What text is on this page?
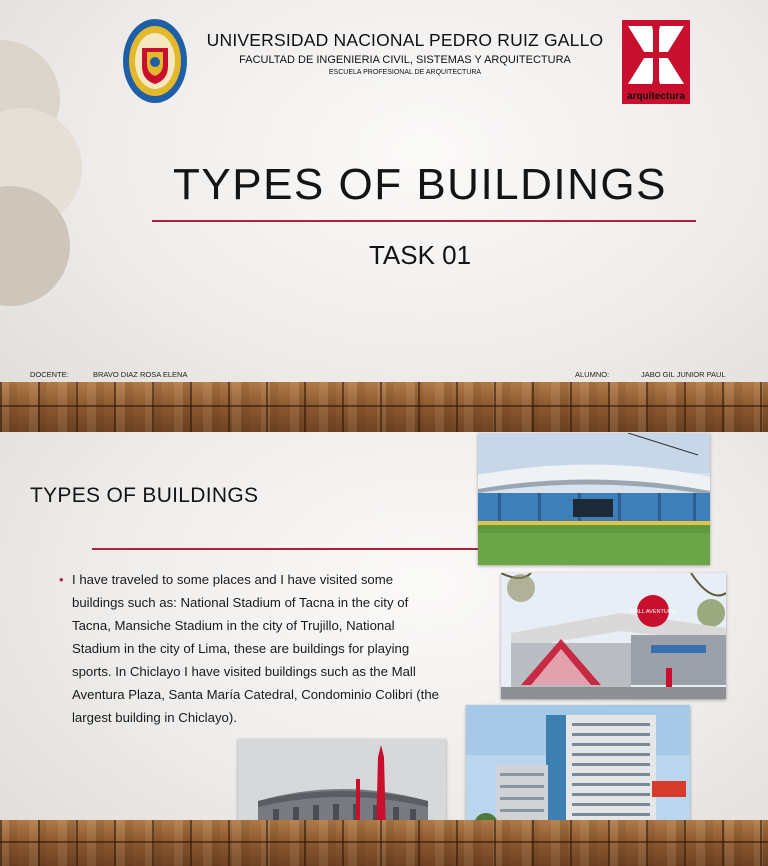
UNIVERSIDAD NACIONAL PEDRO RUIZ GALLO
FACULTAD DE INGENIERIA CIVIL, SISTEMAS Y ARQUITECTURA
ESCUELA PROFESIONAL DE ARQUITECTURA
arquitectura
TYPES OF BUILDINGS
TASK 01
DOCENTE:	BRAVO DIAZ ROSA ELENA	ALUMNO:	JABO GIL JUNIOR PAUL
TYPES OF BUILDINGS
• I have traveled to some places and I have visited some buildings such as: National Stadium of Tacna in the city of Tacna, Mansiche Stadium in the city of Trujillo, National Stadium in the city of Lima, these are buildings for playing sports. In Chiclayo I have visited buildings such as the Mall Aventura Plaza, Santa María Catedral, Condominio Colibri (the largest building in Chiclayo).
MALL AVENTURA
